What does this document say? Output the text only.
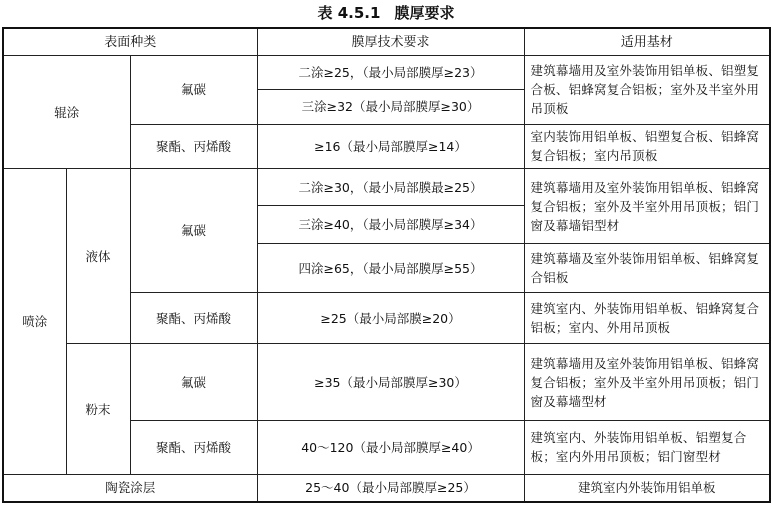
表 4.5.1 膜厚要求
表面种类			膜厚技术要求	适用基材
辊涂		氟碳	二涂≥25，（最小局部膜厚≥23）	建筑幕墙用及室外装饰用铝单板、铝塑复合板、铝蜂窝复合铝板；室外及半室外用吊顶板
			三涂≥32（最小局部膜厚≥30）	
		聚酯、丙烯酸	≥16（最小局部膜厚≥14）	室内装饰用铝单板、铝塑复合板、铝蜂窝复合铝板；室内吊顶板
喷涂	液体	氟碳	二涂≥30，（最小局部膜最≥25）	建筑幕墙用及室外装饰用铝单板、铝蜂窝复合铝板；室外及半室外用吊顶板；铝门窗及幕墙铝型材
			三涂≥40，（最小局部膜厚≥34）	
			四涂≥65，（最小局部膜厚≥55）	建筑幕墙及室外装饰用铝单板、铝蜂窝复合铝板
		聚酯、丙烯酸	≥25（最小局部膜≥20）	建筑室内、外装饰用铝单板、铝蜂窝复合铝板；室内、外用吊顶板
	粉末	氟碳	≥35（最小局部膜厚≥30）	建筑幕墙用及室外装饰用铝单板、铝蜂窝复合铝板；室外及半室外用吊顶板；铝门窗及幕墙型材
		聚酯、丙烯酸	40～120（最小局部膜厚≥40）	建筑室内、外装饰用铝单板、铝塑复合板；室内外用吊顶板；铝门窗型材
陶瓷涂层			25～40（最小局部膜厚≥25）	建筑室内外装饰用铝单板
